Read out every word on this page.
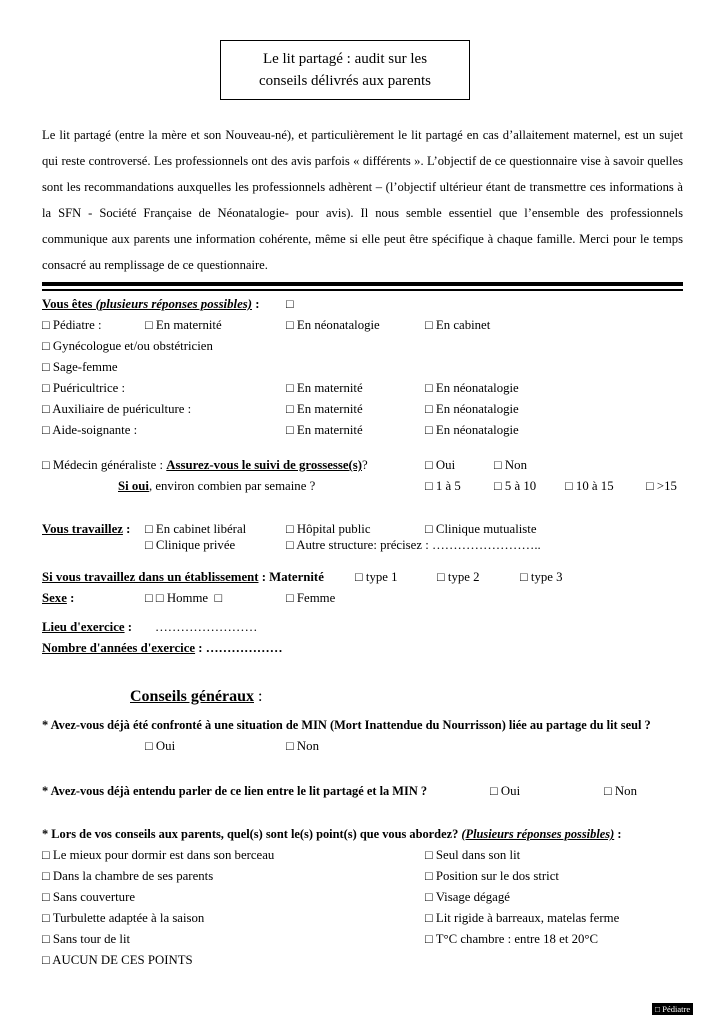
Le lit partagé : audit sur les
conseils délivrés aux parents

Le lit partagé (entre la mère et son Nouveau-né), et particulièrement le lit partagé en cas d’allaitement maternel, est un sujet qui reste controversé. Les professionnels ont des avis parfois « différents ». L’objectif de ce questionnaire vise à savoir quelles sont les recommandations auxquelles les professionnels adhèrent – (l’objectif ultérieur étant de transmettre ces informations à la SFN - Société Française de Néonatalogie- pour avis). Il nous semble essentiel que l’ensemble des professionnels communique aux parents une information cohérente, même si elle peut être spécifique à chaque famille. Merci pour le temps consacré au remplissage de ce questionnaire.

Vous êtes (plusieurs réponses possibles) : □
□ Pédiatre :	□ En maternité	□ En néonatalogie	□ En cabinet
□ Gynécologue et/ou obstétricien
□ Sage-femme
□ Puéricultrice :	□ En maternité	□ En néonatalogie
□ Auxiliaire de puériculture :	□ En maternité	□ En néonatalogie
□ Aide-soignante :	□ En maternité	□ En néonatalogie
□ Médecin généraliste : Assurez-vous le suivi de grossesse(s)?	□ Oui	□ Non
Si oui, environ combien par semaine ?	□ 1 à 5	□ 5 à 10 □ 10 à 15	□ >15
Vous travaillez : □ En cabinet libéral	□ Hôpital public	□ Clinique mutualiste
□ Clinique privée	□ Autre structure: précisez : ……………………..
Si vous travaillez dans un établissement : Maternité □ type 1	□ type 2	□ type 3
Sexe :	□ □ Homme  □	□ Femme
Lieu d'exercice : ……………………
Nombre d'années d'exercice : ………………
Conseils généraux :
* Avez-vous déjà été confronté à une situation de MIN (Mort Inattendue du Nourrisson) liée au partage du lit seul ?
□ Oui	□ Non
* Avez-vous déjà entendu parler de ce lien entre le lit partagé et la MIN ?	□ Oui	□ Non
* Lors de vos conseils aux parents, quel(s) sont le(s) point(s) que vous abordez? (Plusieurs réponses possibles) :
□ Le mieux pour dormir est dans son berceau	□ Seul dans son lit
□ Dans la chambre de ses parents	□ Position sur le dos strict
□ Sans couverture	□ Visage dégagé
□ Turbulette adaptée à la saison	□ Lit rigide à barreaux, matelas ferme
□ Sans tour de lit	□ T°C chambre : entre 18 et 20°C
□ AUCUN DE CES POINTS
□ Pédiatre
